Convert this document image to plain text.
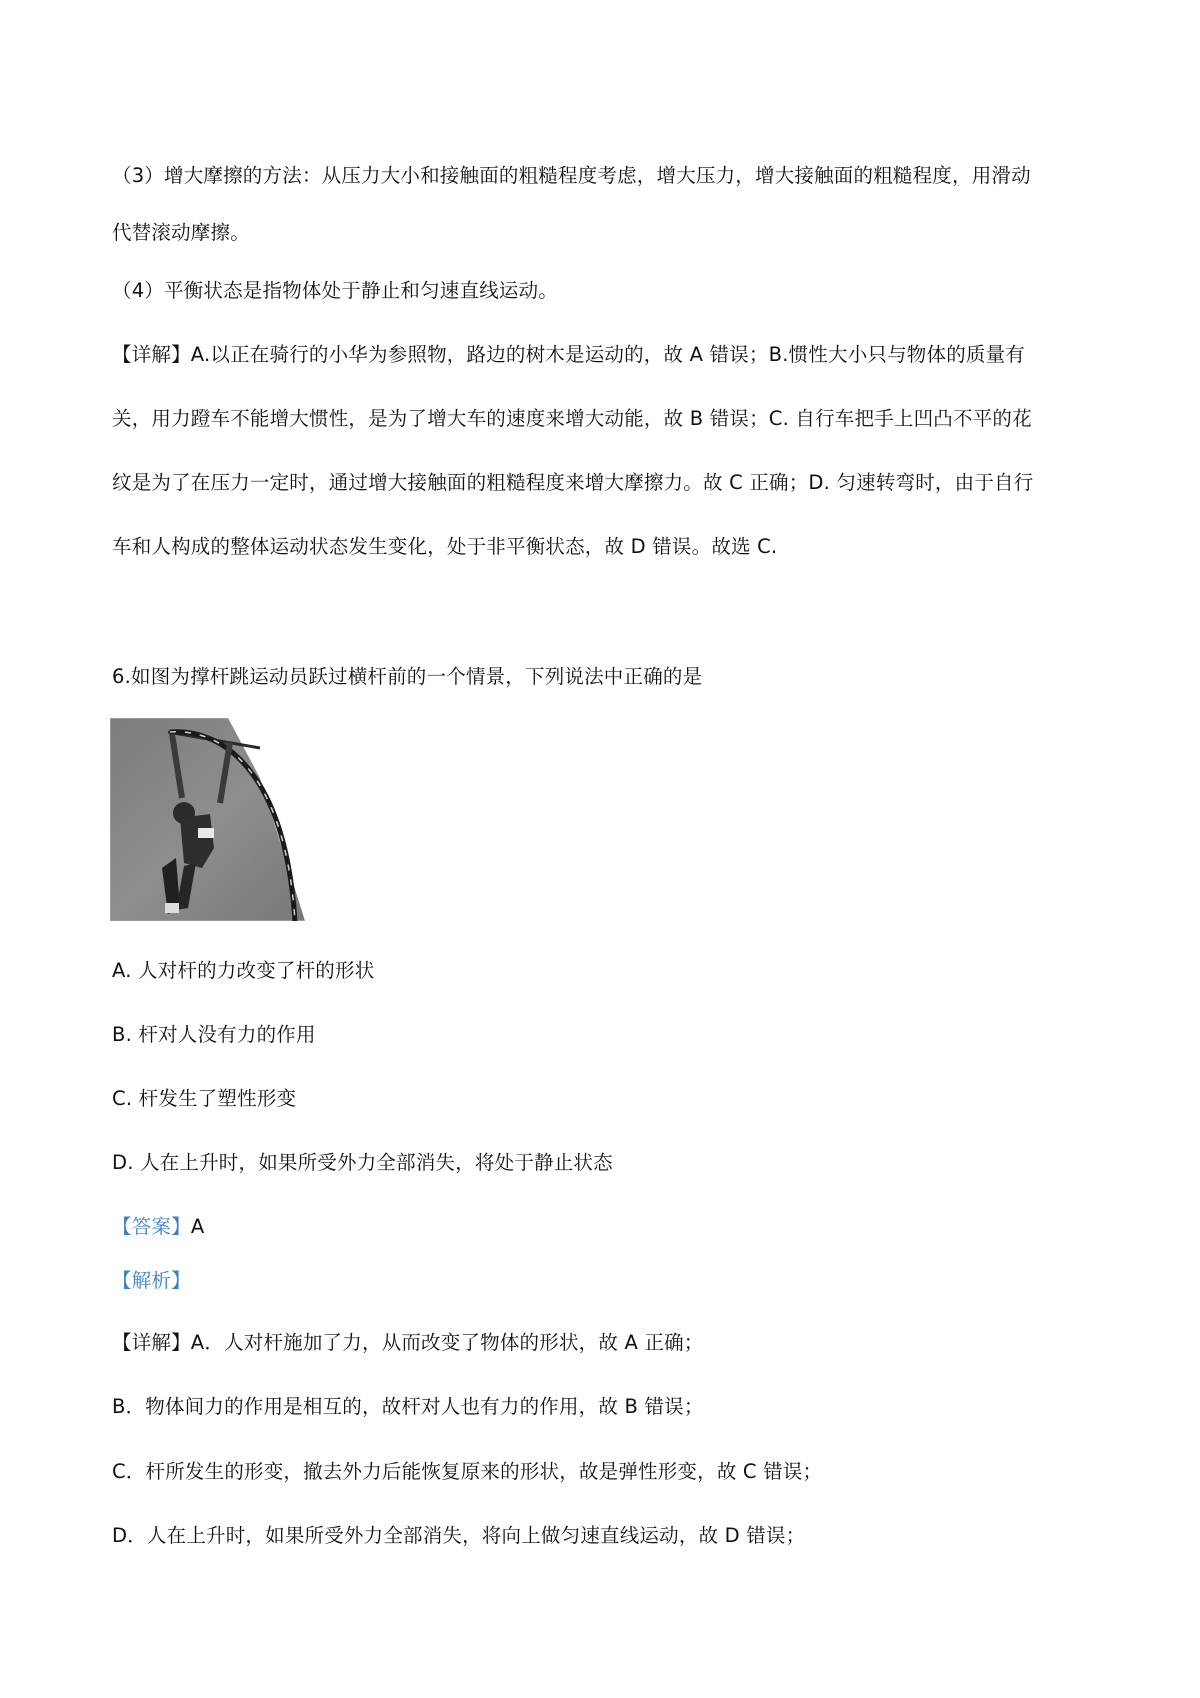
（3）增大摩擦的方法：从压力大小和接触面的粗糙程度考虑，增大压力，增大接触面的粗糙程度，用滑动
代替滚动摩擦。
（4）平衡状态是指物体处于静止和匀速直线运动。
【详解】A.以正在骑行的小华为参照物，路边的树木是运动的，故 A 错误；B.惯性大小只与物体的质量有
关，用力蹬车不能增大惯性，是为了增大车的速度来增大动能，故 B 错误；C. 自行车把手上凹凸不平的花
纹是为了在压力一定时，通过增大接触面的粗糙程度来增大摩擦力。故 C 正确；D. 匀速转弯时，由于自行
车和人构成的整体运动状态发生变化，处于非平衡状态，故 D 错误。故选 C.
6.如图为撑杆跳运动员跃过横杆前的一个情景，下列说法中正确的是
A. 人对杆的力改变了杆的形状
B. 杆对人没有力的作用
C. 杆发生了塑性形变
D. 人在上升时，如果所受外力全部消失，将处于静止状态
【答案】A
【解析】
【详解】A．人对杆施加了力，从而改变了物体的形状，故 A 正确；
B．物体间力的作用是相互的，故杆对人也有力的作用，故 B 错误；
C．杆所发生的形变，撤去外力后能恢复原来的形状，故是弹性形变，故 C 错误；
D．人在上升时，如果所受外力全部消失，将向上做匀速直线运动，故 D 错误；
